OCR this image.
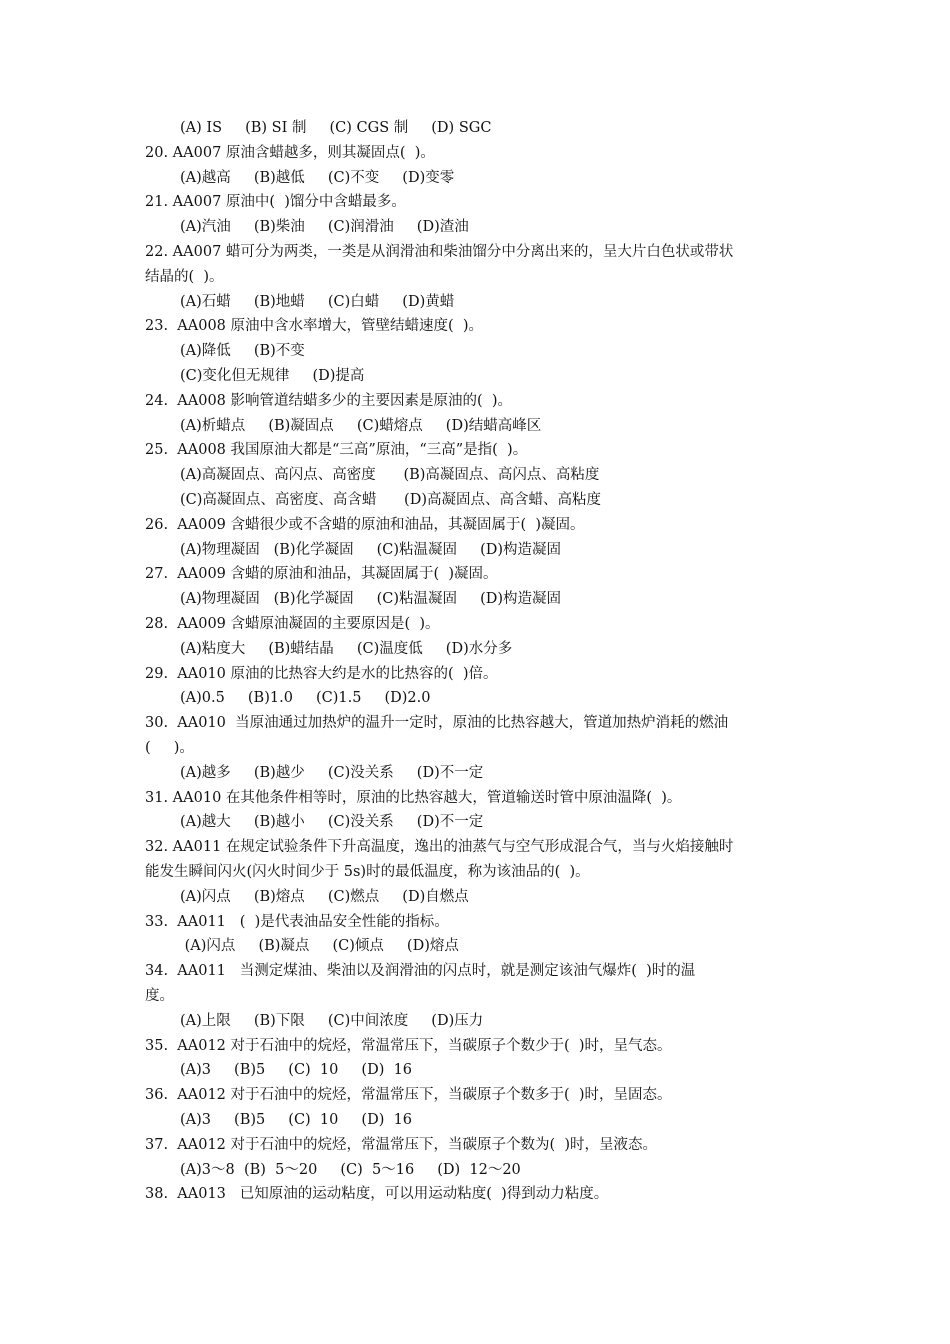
(A) IS     (B) SI 制     (C) CGS 制     (D) SGC
20. AA007 原油含蜡越多，则其凝固点(  )。
(A)越高     (B)越低     (C)不变     (D)变零
21. AA007 原油中(  )馏分中含蜡最多。
(A)汽油     (B)柴油     (C)润滑油     (D)渣油
22. AA007 蜡可分为两类，一类是从润滑油和柴油馏分中分离出来的，呈大片白色状或带状
结晶的(  )。
(A)石蜡     (B)地蜡     (C)白蜡     (D)黄蜡
23.  AA008 原油中含水率增大，管壁结蜡速度(  )。
(A)降低     (B)不变
(C)变化但无规律     (D)提高
24.  AA008 影响管道结蜡多少的主要因素是原油的(  )。
(A)析蜡点     (B)凝固点     (C)蜡熔点     (D)结蜡高峰区
25.  AA008 我国原油大都是“三高”原油，“三高”是指(  )。
(A)高凝固点、高闪点、高密度      (B)高凝固点、高闪点、高粘度
(C)高凝固点、高密度、高含蜡      (D)高凝固点、高含蜡、高粘度
26.  AA009 含蜡很少或不含蜡的原油和油品，其凝固属于(  )凝固。
(A)物理凝固   (B)化学凝固     (C)粘温凝固     (D)构造凝固
27.  AA009 含蜡的原油和油品，其凝固属于(  )凝固。
(A)物理凝固   (B)化学凝固     (C)粘温凝固     (D)构造凝固
28.  AA009 含蜡原油凝固的主要原因是(  )。
(A)粘度大     (B)蜡结晶     (C)温度低     (D)水分多
29.  AA010 原油的比热容大约是水的比热容的(  )倍。
(A)0.5     (B)1.0     (C)1.5     (D)2.0
30.  AA010  当原油通过加热炉的温升一定时，原油的比热容越大，管道加热炉消耗的燃油
(     )。
(A)越多     (B)越少     (C)没关系     (D)不一定
31. AA010 在其他条件相等时，原油的比热容越大，管道输送时管中原油温降(  )。
(A)越大     (B)越小     (C)没关系     (D)不一定
32. AA011 在规定试验条件下升高温度，逸出的油蒸气与空气形成混合气，当与火焰接触时
能发生瞬间闪火(闪火时间少于 5s)时的最低温度，称为该油品的(  )。
(A)闪点     (B)熔点     (C)燃点     (D)自燃点
33.  AA011   (  )是代表油品安全性能的指标。
(A)闪点     (B)凝点     (C)倾点     (D)熔点
34.  AA011   当测定煤油、柴油以及润滑油的闪点时，就是测定该油气爆炸(  )时的温
度。
(A)上限     (B)下限     (C)中间浓度     (D)压力
35.  AA012 对于石油中的烷烃，常温常压下，当碳原子个数少于(  )时，呈气态。
(A)3     (B)5     (C)  10     (D)  16
36.  AA012 对于石油中的烷烃，常温常压下，当碳原子个数多于(  )时，呈固态。
(A)3     (B)5     (C)  10     (D)  16
37.  AA012 对于石油中的烷烃，常温常压下，当碳原子个数为(  )时，呈液态。
(A)3～8  (B)  5～20     (C)  5～16     (D)  12～20
38.  AA013   已知原油的运动粘度，可以用运动粘度(  )得到动力粘度。
